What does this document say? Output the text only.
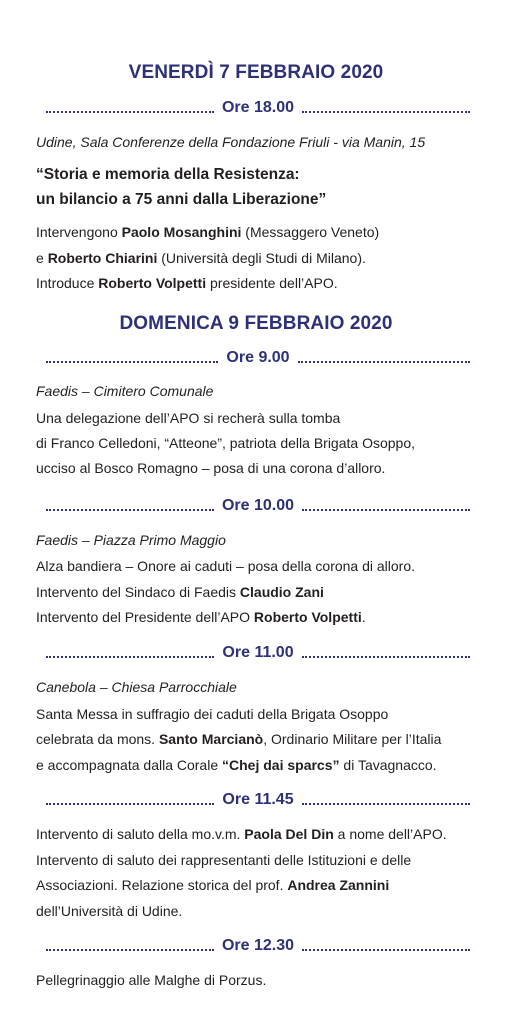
VENERDÌ 7 FEBBRAIO 2020
Ore 18.00
Udine, Sala Conferenze della Fondazione Friuli - via Manin, 15
“Storia e memoria della Resistenza:
un bilancio a 75 anni dalla Liberazione”
Intervengono Paolo Mosanghini (Messaggero Veneto)
e Roberto Chiarini (Università degli Studi di Milano).
Introduce Roberto Volpetti presidente dell’APO.
DOMENICA 9 FEBBRAIO 2020
Ore 9.00
Faedis – Cimitero Comunale
Una delegazione dell’APO si recherà sulla tomba
di Franco Celledoni, “Atteone”, patriota della Brigata Osoppo,
ucciso al Bosco Romagno – posa di una corona d’alloro.
Ore 10.00
Faedis – Piazza Primo Maggio
Alza bandiera – Onore ai caduti – posa della corona di alloro.
Intervento del Sindaco di Faedis Claudio Zani
Intervento del Presidente dell’APO Roberto Volpetti.
Ore 11.00
Canebola – Chiesa Parrocchiale
Santa Messa in suffragio dei caduti della Brigata Osoppo
celebrata da mons. Santo Marcianò, Ordinario Militare per l’Italia
e accompagnata dalla Corale “Chej dai sparcs” di Tavagnacco.
Ore 11.45
Intervento di saluto della mo.v.m. Paola Del Din a nome dell’APO.
Intervento di saluto dei rappresentanti delle Istituzioni e delle
Associazioni. Relazione storica del prof. Andrea Zannini
dell’Università di Udine.
Ore 12.30
Pellegrinaggio alle Malghe di Porzus.
